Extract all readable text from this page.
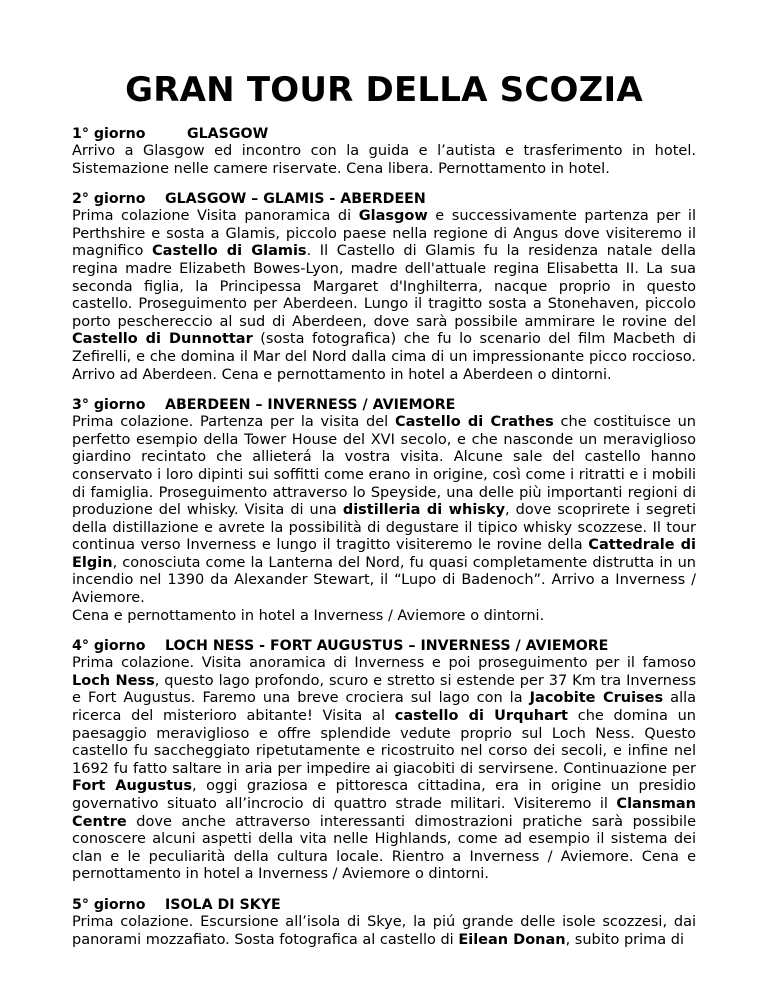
GRAN TOUR DELLA SCOZIA
1° giorno	GLASGOW
Arrivo a Glasgow ed incontro con la guida e l’autista e trasferimento in hotel. Sistemazione nelle camere riservate. Cena libera. Pernottamento in hotel.
2° giorno GLASGOW – GLAMIS - ABERDEEN
Prima colazione Visita panoramica di Glasgow e successivamente partenza per il Perthshire e sosta a Glamis, piccolo paese nella regione di Angus dove visiteremo il magnifico Castello di Glamis. Il Castello di Glamis fu la residenza natale della regina madre Elizabeth Bowes-Lyon, madre dell'attuale regina Elisabetta II. La sua seconda figlia, la Principessa Margaret d'Inghilterra, nacque proprio in questo castello. Proseguimento per Aberdeen. Lungo il tragitto sosta a Stonehaven, piccolo porto peschereccio al sud di Aberdeen, dove sarà possibile ammirare le rovine del Castello di Dunnottar (sosta fotografica) che fu lo scenario del film Macbeth di Zefirelli, e che domina il Mar del Nord dalla cima di un impressionante picco roccioso. Arrivo ad Aberdeen. Cena e pernottamento in hotel a Aberdeen o dintorni.
3° giorno ABERDEEN – INVERNESS / AVIEMORE
Prima colazione. Partenza per la visita del Castello di Crathes che costituisce un perfetto esempio della Tower House del XVI secolo, e che nasconde un meraviglioso giardino recintato che allieterá la vostra visita. Alcune sale del castello hanno conservato i loro dipinti sui soffitti come erano in origine, così come i ritratti e i mobili di famiglia. Proseguimento attraverso lo Speyside, una delle più importanti regioni di produzione del whisky. Visita di una distilleria di whisky, dove scoprirete i segreti della distillazione e avrete la possibilità di degustare il tipico whisky scozzese. Il tour continua verso Inverness e lungo il tragitto visiteremo le rovine della Cattedrale di Elgin, conosciuta come la Lanterna del Nord, fu quasi completamente distrutta in un incendio nel 1390 da Alexander Stewart, il “Lupo di Badenoch”. Arrivo a Inverness / Aviemore.
Cena e pernottamento in hotel a Inverness / Aviemore o dintorni.
4° giorno LOCH NESS - FORT AUGUSTUS – INVERNESS / AVIEMORE
Prima colazione. Visita anoramica di Inverness e poi proseguimento per il famoso Loch Ness, questo lago profondo, scuro e stretto si estende per 37 Km tra Inverness e Fort Augustus. Faremo una breve crociera sul lago con la Jacobite Cruises alla ricerca del misterioro abitante! Visita al castello di Urquhart che domina un paesaggio meraviglioso e offre splendide vedute proprio sul Loch Ness. Questo castello fu saccheggiato ripetutamente e ricostruito nel corso dei secoli, e infine nel 1692 fu fatto saltare in aria per impedire ai giacobiti di servirsene. Continuazione per Fort Augustus, oggi graziosa e pittoresca cittadina, era in origine un presidio governativo situato all’incrocio di quattro strade militari. Visiteremo il Clansman Centre dove anche attraverso interessanti dimostrazioni pratiche sarà possibile conoscere alcuni aspetti della vita nelle Highlands, come ad esempio il sistema dei clan e le peculiarità della cultura locale. Rientro a Inverness / Aviemore. Cena e pernottamento in hotel a Inverness / Aviemore o dintorni.
5° giorno ISOLA DI SKYE
Prima colazione. Escursione all’isola di Skye, la piú grande delle isole scozzesi, dai panorami mozzafiato. Sosta fotografica al castello di Eilean Donan, subito prima di
